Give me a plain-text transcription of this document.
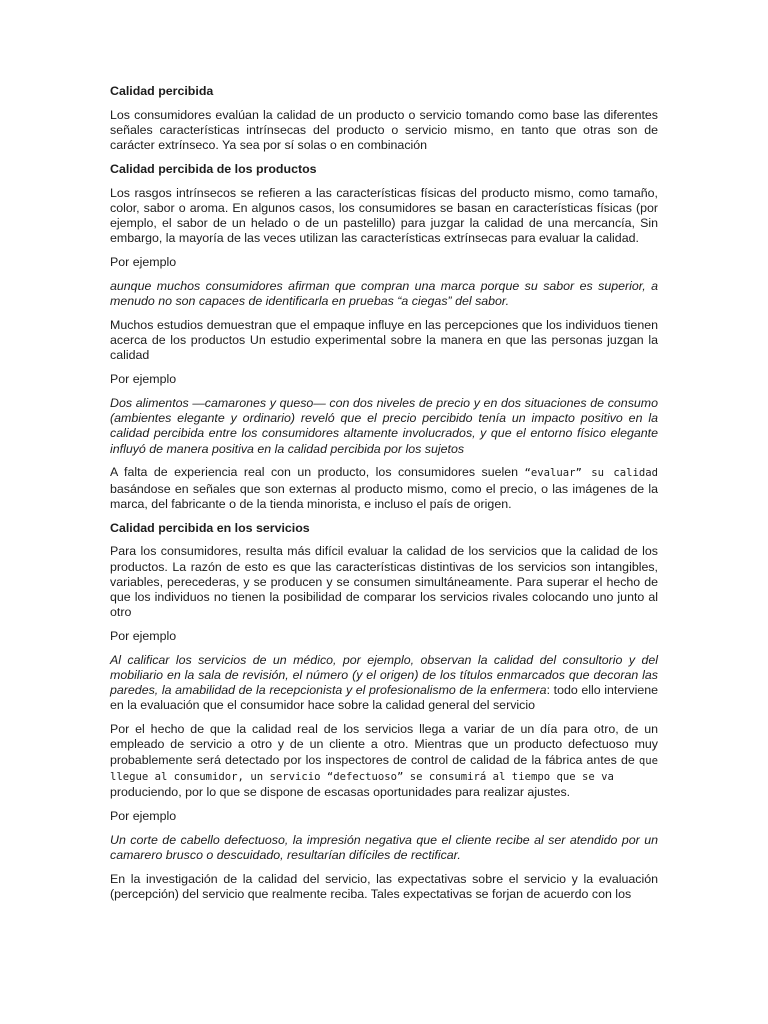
Calidad percibida

Los consumidores evalúan la calidad de un producto o servicio tomando como base las diferentes señales características intrínsecas del producto o servicio mismo, en tanto que otras son de carácter extrínseco. Ya sea por sí solas o en combinación

Calidad percibida de los productos

Los rasgos intrínsecos se refieren a las características físicas del producto mismo, como tamaño, color, sabor o aroma. En algunos casos, los consumidores se basan en características físicas (por ejemplo, el sabor de un helado o de un pastelillo) para juzgar la calidad de una mercancía, Sin embargo, la mayoría de las veces utilizan las características extrínsecas para evaluar la calidad.

Por ejemplo

aunque muchos consumidores afirman que compran una marca porque su sabor es superior, a menudo no son capaces de identificarla en pruebas “a ciegas” del sabor.

Muchos estudios demuestran que el empaque influye en las percepciones que los individuos tienen acerca de los productos Un estudio experimental sobre la manera en que las personas juzgan la calidad

Por ejemplo

Dos alimentos —camarones y queso— con dos niveles de precio y en dos situaciones de consumo (ambientes elegante y ordinario) reveló que el precio percibido tenía un impacto positivo en la calidad percibida entre los consumidores altamente involucrados, y que el entorno físico elegante influyó de manera positiva en la calidad percibida por los sujetos

A falta de experiencia real con un producto, los consumidores suelen “evaluar” su calidad basándose en señales que son externas al producto mismo, como el precio, o las imágenes de la marca, del fabricante o de la tienda minorista, e incluso el país de origen.

Calidad percibida en los servicios

Para los consumidores, resulta más difícil evaluar la calidad de los servicios que la calidad de los productos. La razón de esto es que las características distintivas de los servicios son intangibles, variables, perecederas, y se producen y se consumen simultáneamente. Para superar el hecho de que los individuos no tienen la posibilidad de comparar los servicios rivales colocando uno junto al otro

Por ejemplo

Al calificar los servicios de un médico, por ejemplo, observan la calidad del consultorio y del mobiliario en la sala de revisión, el número (y el origen) de los títulos enmarcados que decoran las paredes, la amabilidad de la recepcionista y el profesionalismo de la enfermera: todo ello interviene en la evaluación que el consumidor hace sobre la calidad general del servicio

Por el hecho de que la calidad real de los servicios llega a variar de un día para otro, de un empleado de servicio a otro y de un cliente a otro. Mientras que un producto defectuoso muy probablemente será detectado por los inspectores de control de calidad de la fábrica antes de que llegue al consumidor, un servicio “defectuoso” se consumirá al tiempo que se va
produciendo, por lo que se dispone de escasas oportunidades para realizar ajustes.

Por ejemplo

Un corte de cabello defectuoso, la impresión negativa que el cliente recibe al ser atendido por un camarero brusco o descuidado, resultarían difíciles de rectificar.

En la investigación de la calidad del servicio, las expectativas sobre el servicio y la evaluación (percepción) del servicio que realmente reciba. Tales expectativas se forjan de acuerdo con los
